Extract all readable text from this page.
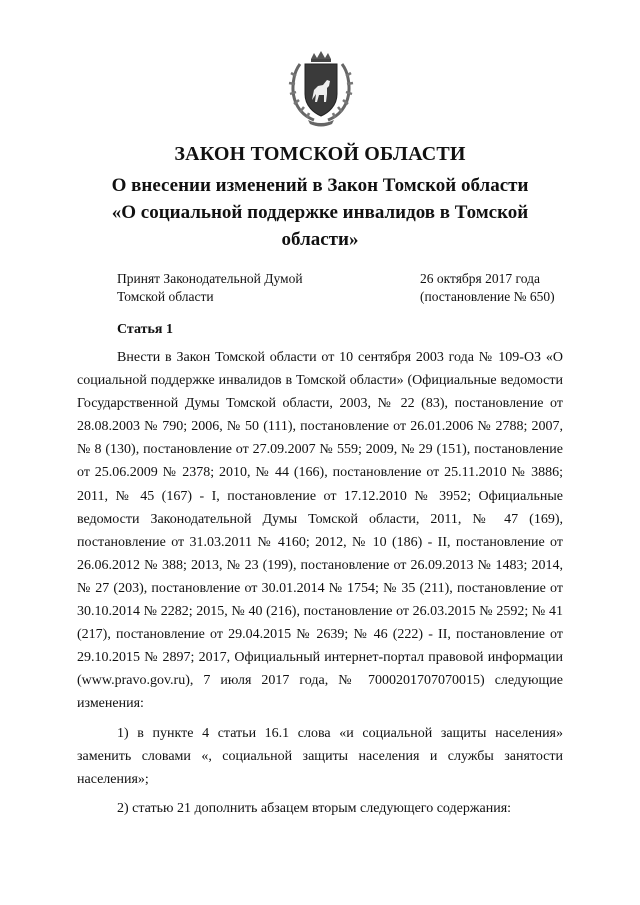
ЗАКОН ТОМСКОЙ ОБЛАСТИ
О внесении изменений в Закон Томской области
«О социальной поддержке инвалидов в Томской
области»
Принят Законодательной Думой
Томской области
26 октября 2017 года
(постановление № 650)
Статья 1

Внести в Закон Томской области от 10 сентября 2003 года № 109-ОЗ «О социальной поддержке инвалидов в Томской области» (Официальные ведомости Государственной Думы Томской области, 2003, № 22 (83), постановление от 28.08.2003 № 790; 2006, № 50 (111), постановление от 26.01.2006 № 2788; 2007, № 8 (130), постановление от 27.09.2007 № 559; 2009, № 29 (151), постановление от 25.06.2009 № 2378; 2010, № 44 (166), постановление от 25.11.2010 № 3886; 2011, № 45 (167) - I, постановление от 17.12.2010 № 3952; Официальные ведомости Законодательной Думы Томской области, 2011, № 47 (169), постановление от 31.03.2011 № 4160; 2012, № 10 (186) - II, постановление от 26.06.2012 № 388; 2013, № 23 (199), постановление от 26.09.2013 № 1483; 2014, № 27 (203), постановление от 30.01.2014 № 1754; № 35 (211), постановление от 30.10.2014 № 2282; 2015, № 40 (216), постановление от 26.03.2015 № 2592; № 41 (217), постановление от 29.04.2015 № 2639; № 46 (222) - II, постановление от 29.10.2015 № 2897; 2017, Официальный интернет-портал правовой информации (www.pravo.gov.ru), 7 июля 2017 года, № 7000201707070015) следующие изменения:

1) в пункте 4 статьи 16.1 слова «и социальной защиты населения» заменить словами «, социальной защиты населения и службы занятости населения»;

2) статью 21 дополнить абзацем вторым следующего содержания:
